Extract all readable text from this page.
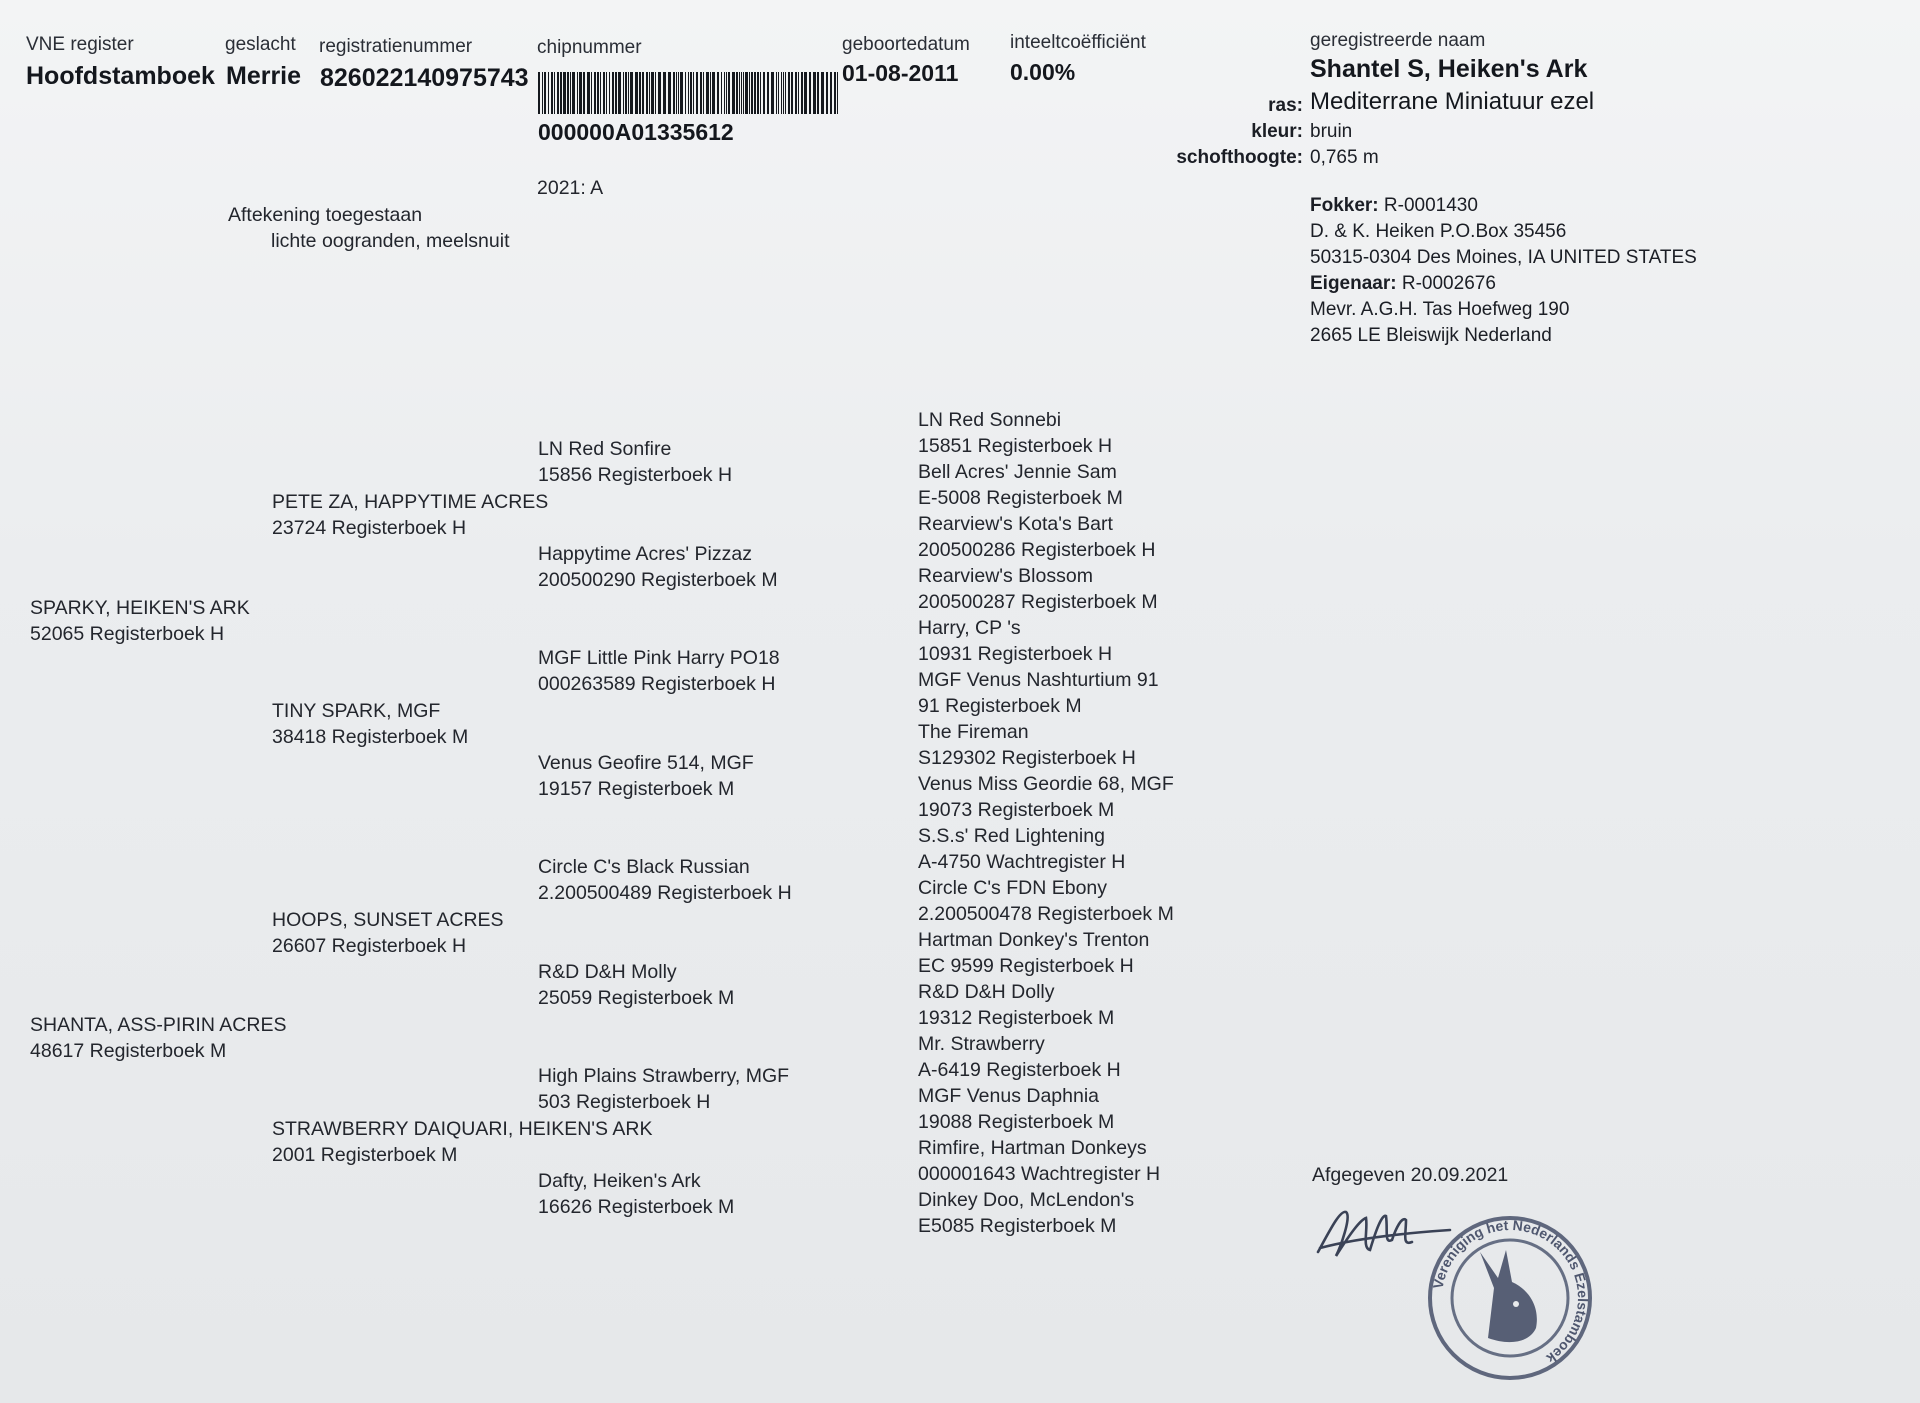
VNE register
Hoofdstamboek
geslacht
Merrie
registratienummer
826022140975743
chipnummer
000000A01335612
geboortedatum
01-08-2011
inteeltcoëfficiënt
0.00%
geregistreerde naam
Shantel S, Heiken's Ark
ras: Mediterrane Miniatuur ezel
kleur: bruin
schofthoogte: 0,765 m
Fokker: R-0001430
D. & K. Heiken P.O.Box 35456
50315-0304 Des Moines, IA UNITED STATES
Eigenaar: R-0002676
Mevr. A.G.H. Tas Hoefweg 190
2665 LE Bleiswijk Nederland
2021: A
Aftekening toegestaan
lichte oogranden, meelsnuit
SPARKY, HEIKEN'S ARK
52065 Registerboek H
SHANTA, ASS-PIRIN ACRES
48617 Registerboek M
PETE ZA, HAPPYTIME ACRES
23724 Registerboek H
TINY SPARK, MGF
38418 Registerboek M
HOOPS, SUNSET ACRES
26607 Registerboek H
STRAWBERRY DAIQUARI, HEIKEN'S ARK
2001 Registerboek M
LN Red Sonfire
15856 Registerboek H
Happytime Acres' Pizzaz
200500290 Registerboek M
MGF Little Pink Harry PO18
000263589 Registerboek H
Venus Geofire 514, MGF
19157 Registerboek M
Circle C's Black Russian
2.200500489 Registerboek H
R&D D&H Molly
25059 Registerboek M
High Plains Strawberry, MGF
503 Registerboek H
Dafty, Heiken's Ark
16626 Registerboek M
LN Red Sonnebi
15851 Registerboek H
Bell Acres' Jennie Sam
E-5008 Registerboek M
Rearview's Kota's Bart
200500286 Registerboek H
Rearview's Blossom
200500287 Registerboek M
Harry, CP 's
10931 Registerboek H
MGF Venus Nashturtium 91
91 Registerboek M
The Fireman
S129302 Registerboek H
Venus Miss Geordie 68, MGF
19073 Registerboek M
S.S.s' Red Lightening
A-4750 Wachtregister H
Circle C's FDN Ebony
2.200500478 Registerboek M
Hartman Donkey's Trenton
EC 9599 Registerboek H
R&D D&H Dolly
19312 Registerboek M
Mr. Strawberry
A-6419 Registerboek H
MGF Venus Daphnia
19088 Registerboek M
Rimfire, Hartman Donkeys
000001643 Wachtregister H
Dinkey Doo, McLendon's
E5085 Registerboek M
Afgegeven 20.09.2021
Vereniging het Nederlands Ezelstamboek
